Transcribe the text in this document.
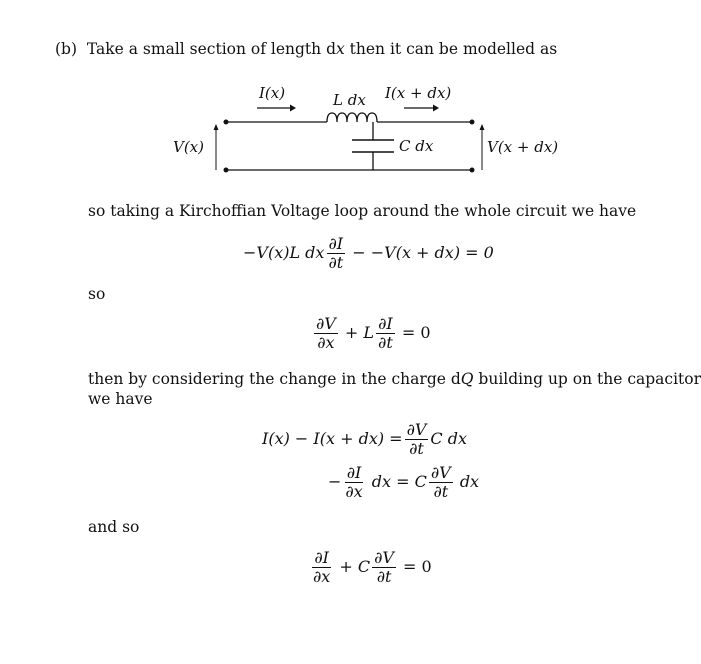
(b) Take a small section of length dx then it can be modelled as
I(x)	L dx I(x + dx)
C dx
V(x)	V(x + dx)
so taking a Kirchoffian Voltage loop around the whole circuit we have
−V(x)L dx $\frac{\partial I}{\partial t} - -V(x + dx) = 0$
so
$\frac{\partial V}{\partial x} + L \frac{\partial I}{\partial t} = 0$
then by considering the change in the charge dQ building up on the capacitor
we have
$I(x) - I(x + dx) = \frac{\partial V}{\partial t}$ C dx
− $\frac{\partial I}{\partial x}$ dx = C $\frac{\partial V}{\partial t}$ dx
and so
$\frac{\partial I}{\partial x} + C \frac{\partial V}{\partial t} = 0$
